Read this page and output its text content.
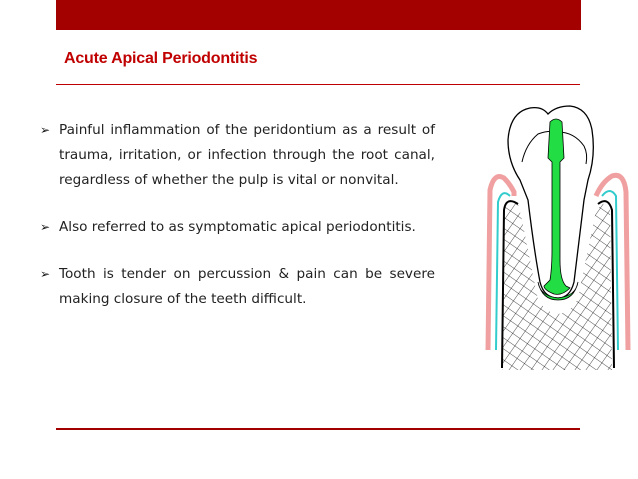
Acute Apical Periodontitis
➢ Painful inflammation of the peridontium as a result of trauma, irritation, or infection through the root canal, regardless of whether the pulp is vital or nonvital.
➢ Also referred to as symptomatic apical periodontitis.
➢ Tooth is tender on percussion & pain can be severe making closure of the teeth difficult.
